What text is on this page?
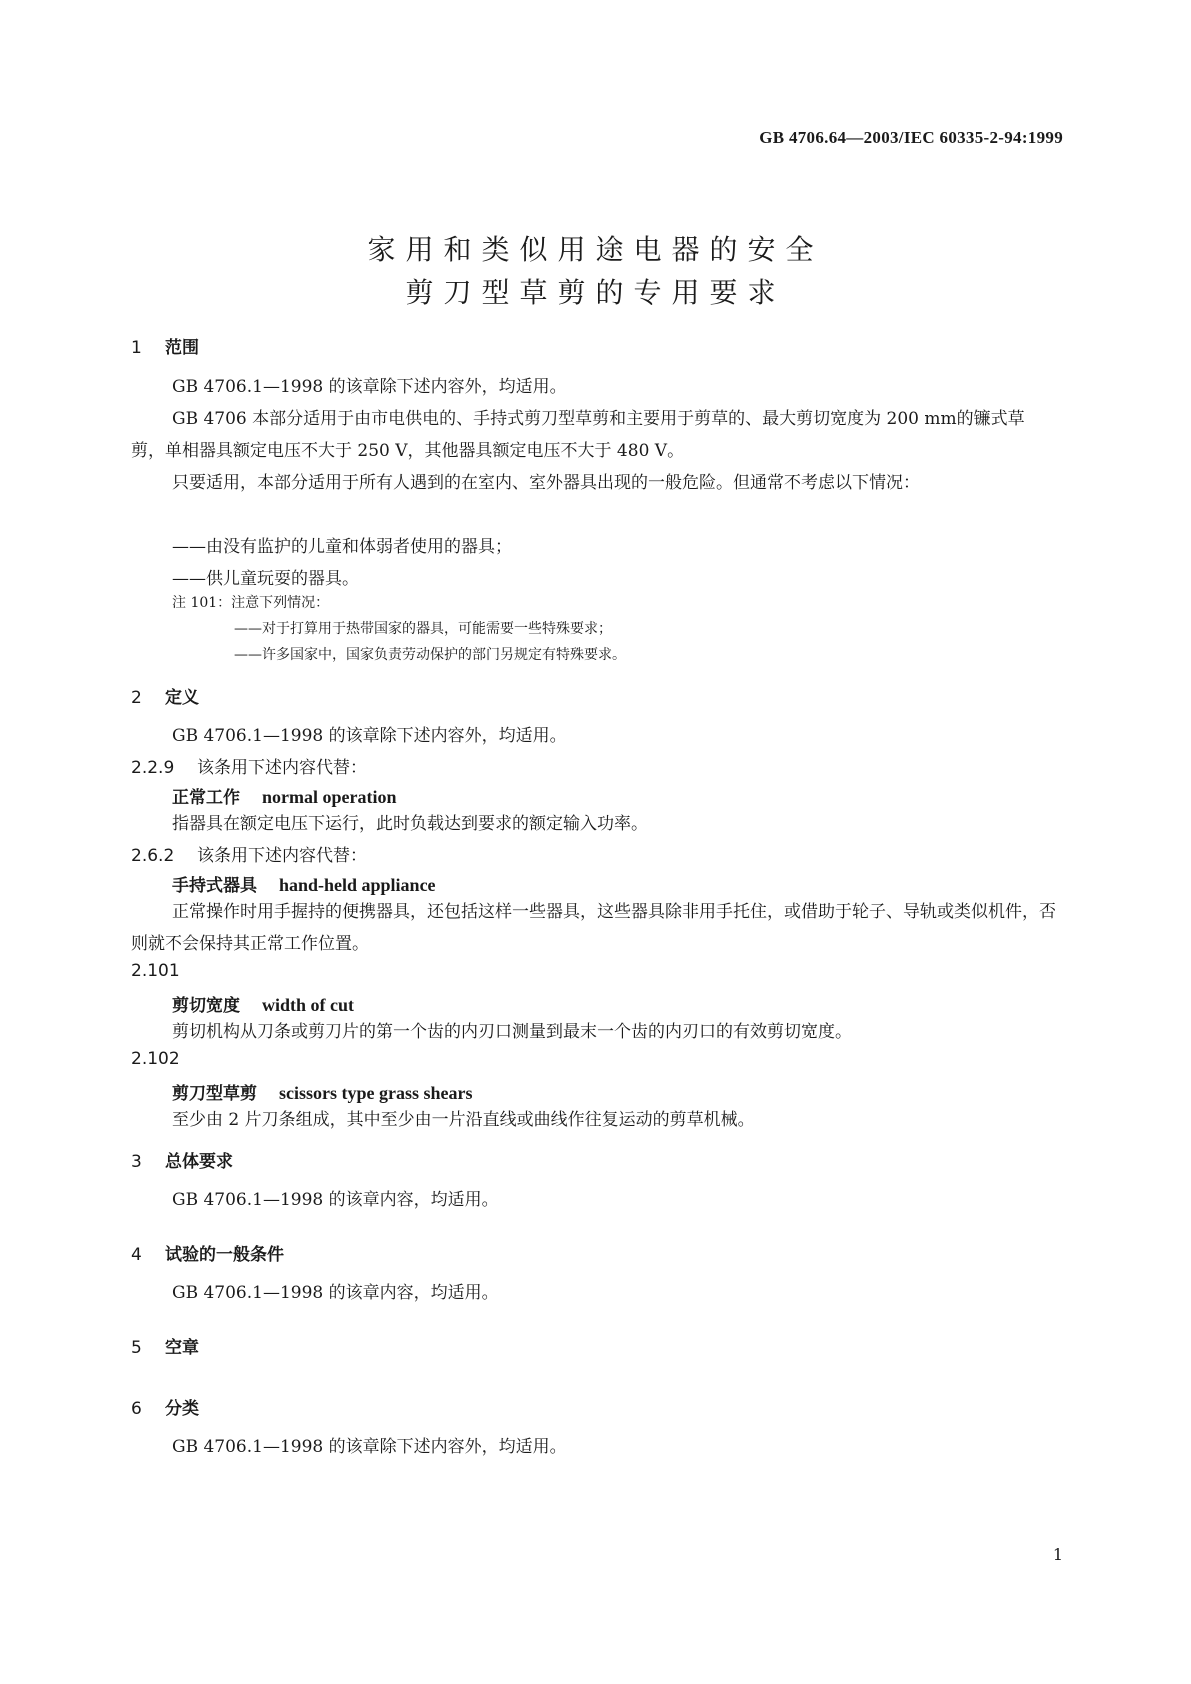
GB 4706.64—2003/IEC 60335-2-94:1999
家用和类似用途电器的安全
剪刀型草剪的专用要求
1 范围
GB 4706.1—1998 的该章除下述内容外，均适用。
GB 4706 本部分适用于由市电供电的、手持式剪刀型草剪和主要用于剪草的、最大剪切宽度为 200 mm的镰式草剪，单相器具额定电压不大于 250 V，其他器具额定电压不大于 480 V。
只要适用，本部分适用于所有人遇到的在室内、室外器具出现的一般危险。但通常不考虑以下情况：
——由没有监护的儿童和体弱者使用的器具；
——供儿童玩耍的器具。
注 101：注意下列情况：
——对于打算用于热带国家的器具，可能需要一些特殊要求；
——许多国家中，国家负责劳动保护的部门另规定有特殊要求。
2 定义
GB 4706.1—1998 的该章除下述内容外，均适用。
2.2.9 该条用下述内容代替：
正常工作 normal operation
指器具在额定电压下运行，此时负载达到要求的额定输入功率。
2.6.2 该条用下述内容代替：
手持式器具 hand-held appliance
正常操作时用手握持的便携器具，还包括这样一些器具，这些器具除非用手托住，或借助于轮子、导轨或类似机件，否则就不会保持其正常工作位置。
2.101
剪切宽度 width of cut
剪切机构从刀条或剪刀片的第一个齿的内刃口测量到最末一个齿的内刃口的有效剪切宽度。
2.102
剪刀型草剪 scissors type grass shears
至少由 2 片刀条组成，其中至少由一片沿直线或曲线作往复运动的剪草机械。
3 总体要求
GB 4706.1—1998 的该章内容，均适用。
4 试验的一般条件
GB 4706.1—1998 的该章内容，均适用。
5 空章
6 分类
GB 4706.1—1998 的该章除下述内容外，均适用。
1
